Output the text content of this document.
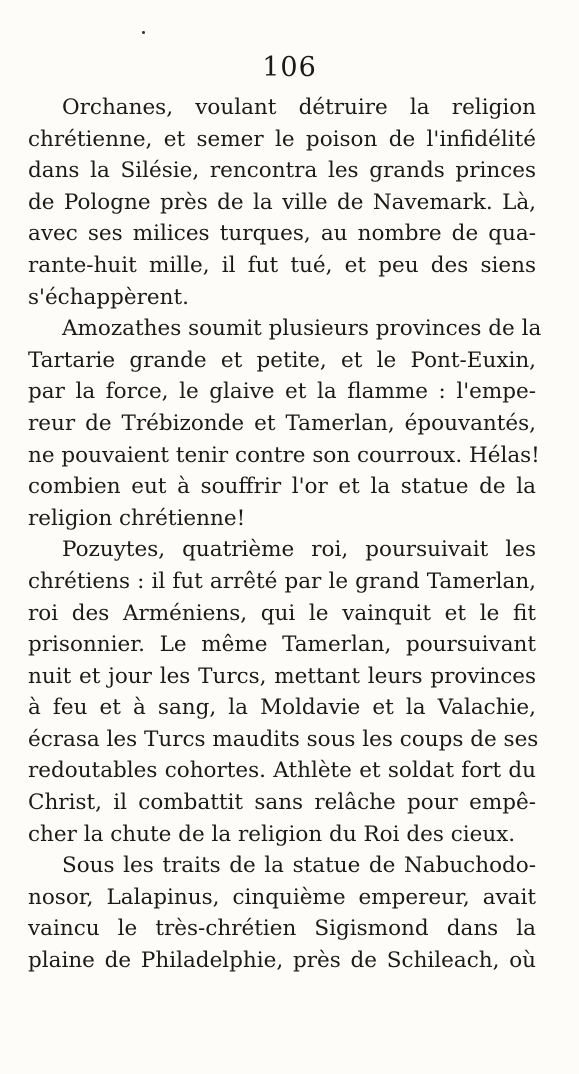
106

Orchanes, voulant détruire la religion
chrétienne, et semer le poison de l'infidélité
dans la Silésie, rencontra les grands princes
de Pologne près de la ville de Navemark. Là,
avec ses milices turques, au nombre de qua-
rante-huit mille, il fut tué, et peu des siens
s'échappèrent.

Amozathes soumit plusieurs provinces de la
Tartarie grande et petite, et le Pont-Euxin,
par la force, le glaive et la flamme : l'empe-
reur de Trébizonde et Tamerlan, épouvantés,
ne pouvaient tenir contre son courroux. Hélas!
combien eut à souffrir l'or et la statue de la
religion chrétienne!

Pozuytes, quatrième roi, poursuivait les
chrétiens : il fut arrêté par le grand Tamerlan,
roi des Arméniens, qui le vainquit et le fit
prisonnier. Le même Tamerlan, poursuivant
nuit et jour les Turcs, mettant leurs provinces
à feu et à sang, la Moldavie et la Valachie,
écrasa les Turcs maudits sous les coups de ses
redoutables cohortes. Athlète et soldat fort du
Christ, il combattit sans relâche pour empê-
cher la chute de la religion du Roi des cieux.

Sous les traits de la statue de Nabuchodo-
nosor, Lalapinus, cinquième empereur, avait
vaincu le très-chrétien Sigismond dans la
plaine de Philadelphie, près de Schileach, où
